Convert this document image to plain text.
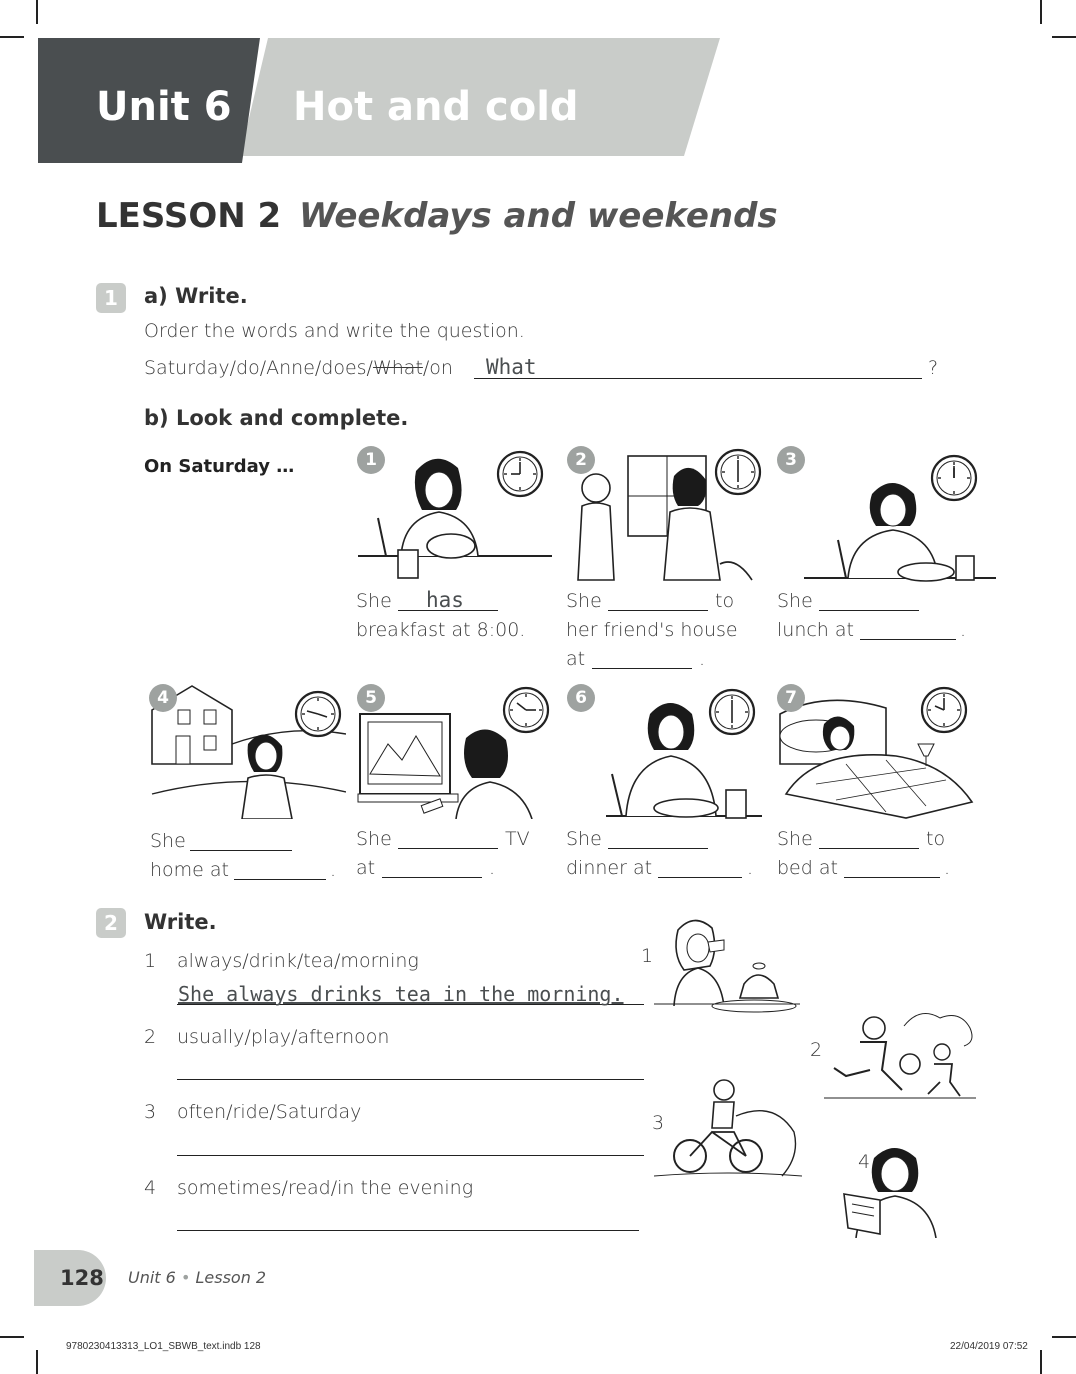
Unit 6 Hot and cold
LESSON 2 Weekdays and weekends
1	a) Write.
Order the words and write the question.
Saturday/do/Anne/does/What/on What	?
b) Look and complete.
On Saturday …	1	2	3
She has
breakfast at 8:00.
She	to
her friend's house
at	.
She
lunch at	.
4	5	6	7
She
home at	.
She	TV
at	.
She
dinner at	.
She	to
bed at	.
2	Write.
1 always/drink/tea/morning
She always drinks tea in the morning.
2 usually/play/afternoon
3 often/ride/Saturday
4 sometimes/read/in the evening
1
2
3
4
128 Unit 6 • Lesson 2
9780230413313_LO1_SBWB_text.indb 128	22/04/2019 07:52
